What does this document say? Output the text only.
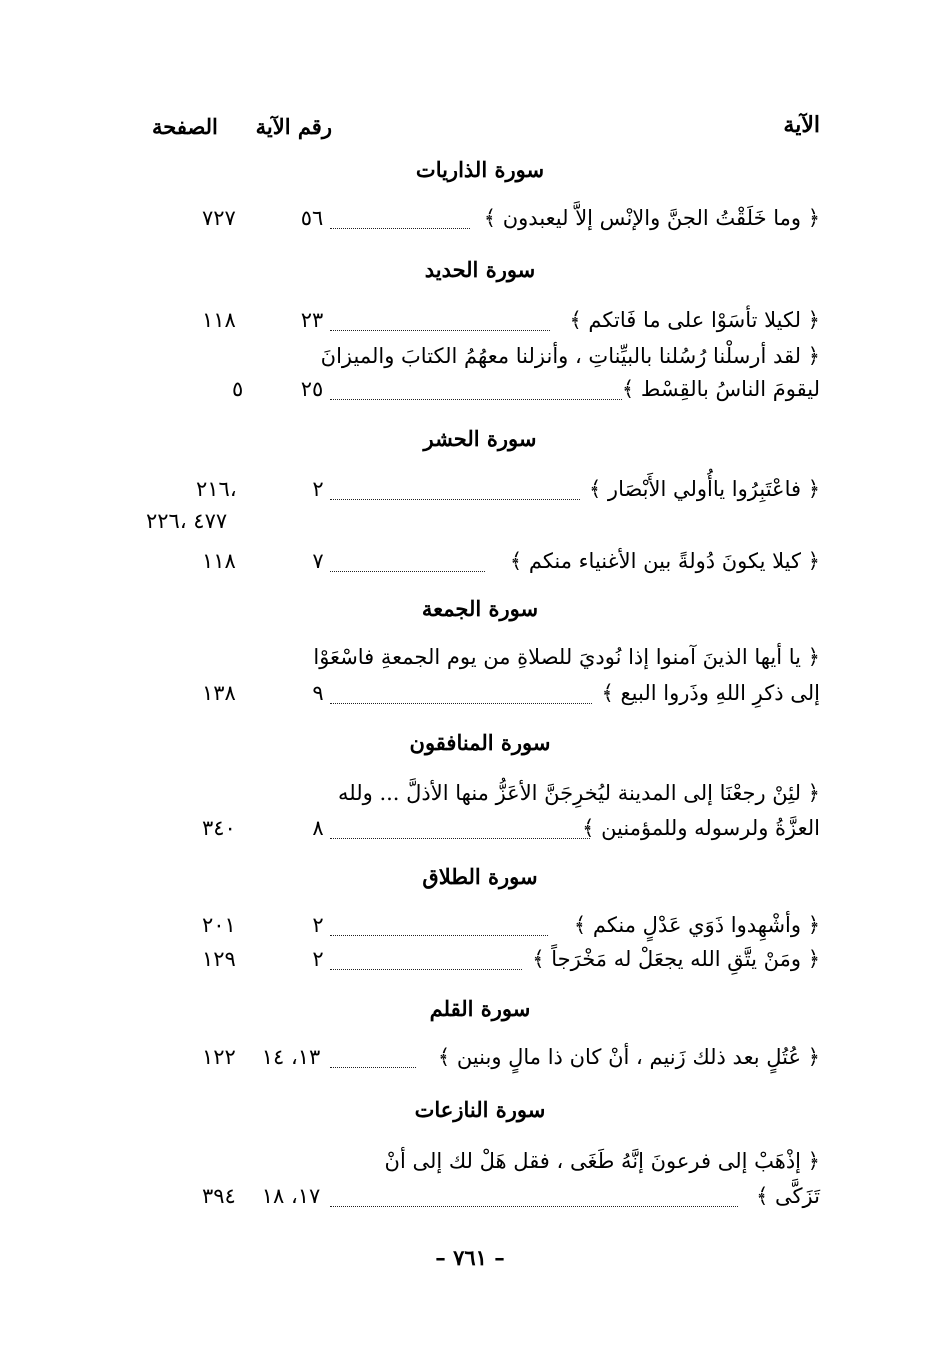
الآية
رقم الآية
الصفحة
سورة الذاريات
﴿ وما خَلَقْتُ الجنَّ والإنْس إلاَّ ليعبدون ﴾
٥٦
٧٢٧
سورة الحديد
﴿ لكيلا تأسَوْا على ما فَاتكم ﴾
٢٣
١١٨
﴿ لقد أرسلْنا رُسُلنا بالبيِّناتِ ، وأنزلنا معهُمُ الكتابَ والميزانَ
ليقومَ الناسُ بالقِسْط ﴾
٢٥
٥
سورة الحشر
﴿ فاعْتَبِرُوا ياأُولي الأَبْصَار ﴾
٢
،٢١٦
٤٧٧ ،٢٢٦
﴿ كيلا يكونَ دُولةً بين الأغنياء منكم ﴾
٧
١١٨
سورة الجمعة
﴿ يا أيها الذينَ آمنوا إذا نُوديَ للصلاةِ من يوم الجمعةِ فاسْعَوْا
إلى ذكرِ اللهِ وذَروا البيع ﴾
٩
١٣٨
سورة المنافقون
﴿ لئِنْ رجعْنَا إلى المدينة ليُخرِجَنَّ الأعَزُّ منها الأذلَّ ... ولله
العزَّةُ ولرسوله وللمؤمنين ﴾
٨
٣٤٠
سورة الطلاق
﴿ وأشْهِدوا ذَوَي عَدْلٍ منكم ﴾
٢
٢٠١
﴿ ومَنْ يتَّقِ الله يجعَلْ له مَخْرَجاً ﴾
٢
١٢٩
سورة القلم
﴿ عُتُلٍ بعد ذلك زَنيم ، أنْ كان ذا مالٍ وبنين ﴾
١٣، ١٤
١٢٢
سورة النازعات
﴿ إذْهَبْ إلى فرعونَ إنَّهُ طَغَى ، فقل هَلْ لك إلى أنْ
تَزَكَّى ﴾
١٧، ١٨
٣٩٤
– ٧٦١ –
